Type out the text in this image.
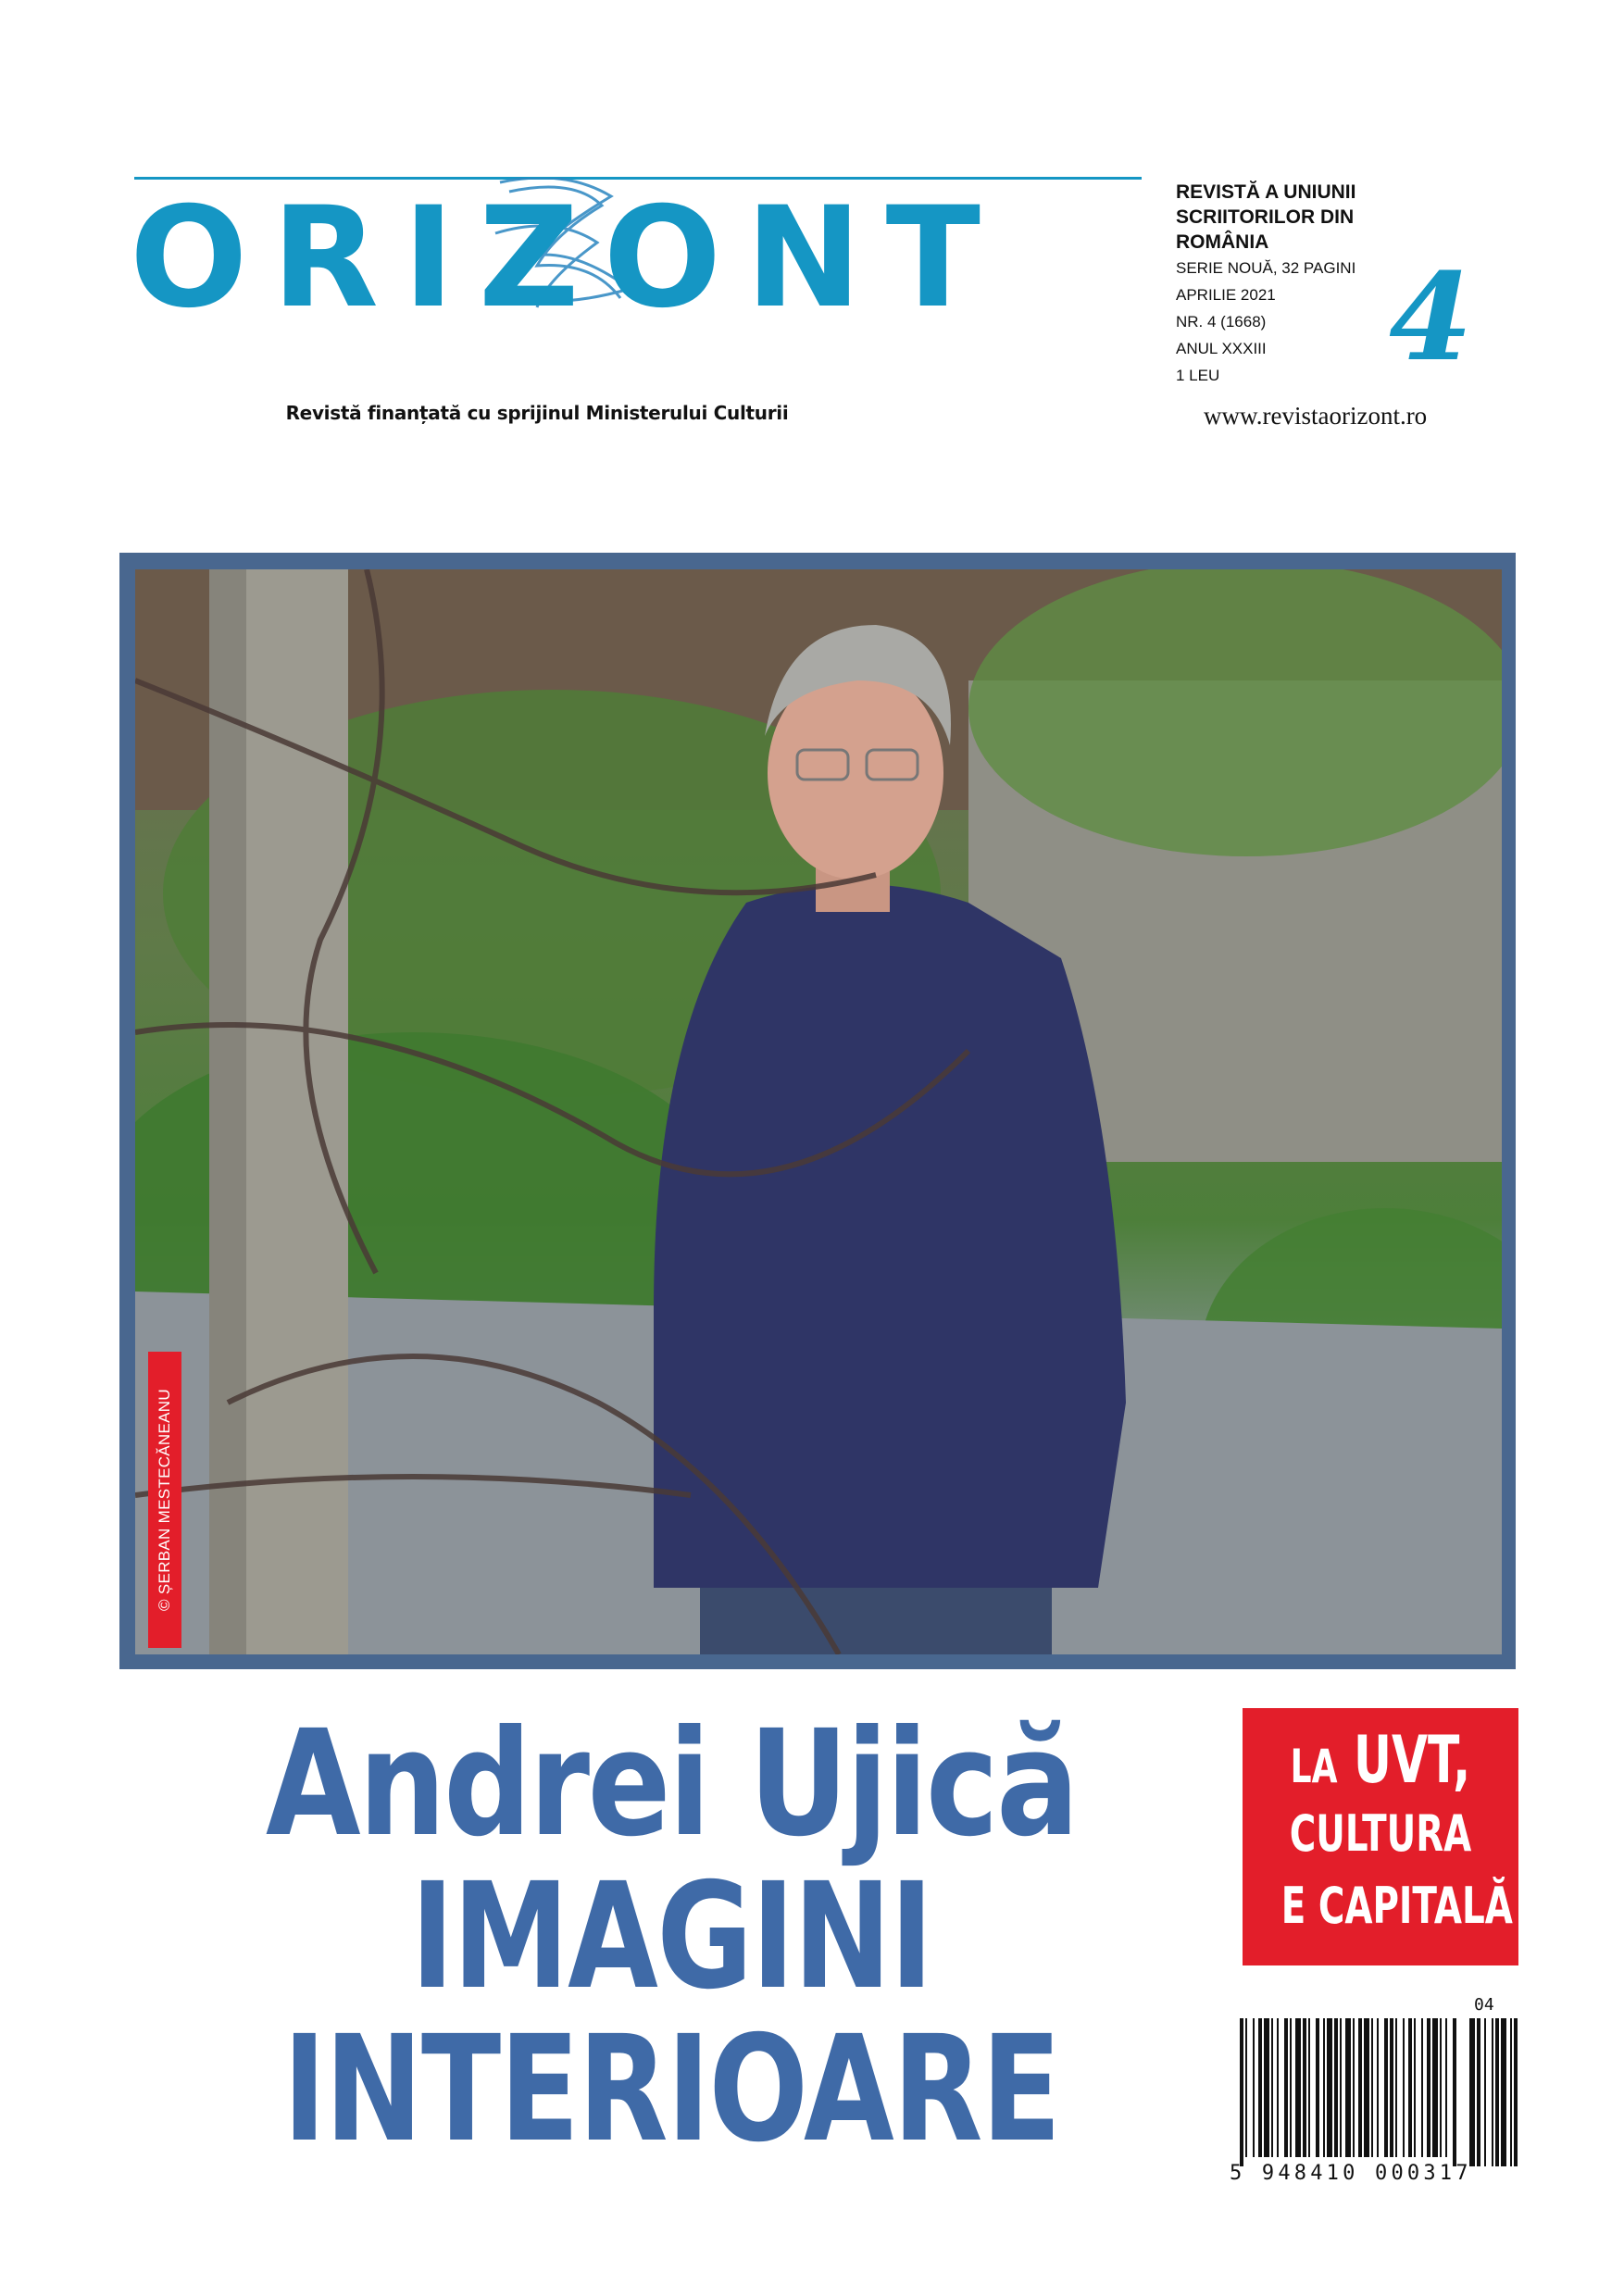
ORIZONT
Revistă finanțată cu sprijinul Ministerului Culturii
REVISTĂ A UNIUNII
SCRIITORILOR DIN
ROMÂNIA
SERIE NOUĂ, 32 PAGINI
APRILIE 2021
NR. 4 (1668)
ANUL XXXIII
1 LEU	4
www.revistaorizont.ro
© ȘERBAN MESTECĂNEANU
Andrei Ujică
IMAGINI
INTERIOARE
LA UVT,
CULTURA
E CAPITALĂ
04
5 948410 000317
